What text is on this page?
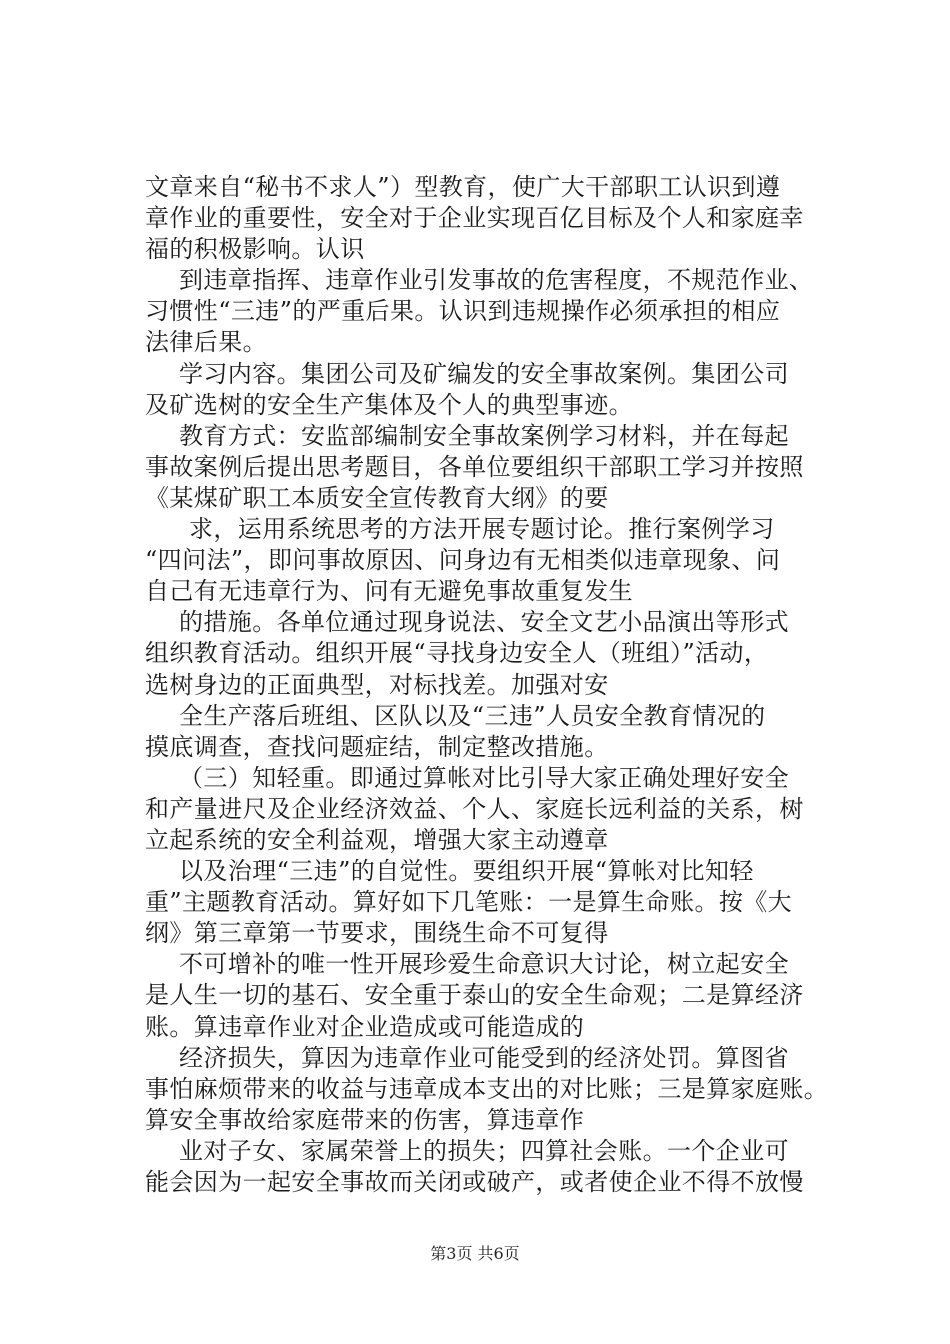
文章来自“秘书不求人”）型教育，使广大干部职工认识到遵
章作业的重要性，安全对于企业实现百亿目标及个人和家庭幸
福的积极影响。认识
到违章指挥、违章作业引发事故的危害程度，不规范作业、
习惯性“三违”的严重后果。认识到违规操作必须承担的相应
法律后果。
学习内容。集团公司及矿编发的安全事故案例。集团公司
及矿选树的安全生产集体及个人的典型事迹。
教育方式：安监部编制安全事故案例学习材料，并在每起
事故案例后提出思考题目，各单位要组织干部职工学习并按照
《某煤矿职工本质安全宣传教育大纲》的要
求，运用系统思考的方法开展专题讨论。推行案例学习
“四问法”，即问事故原因、问身边有无相类似违章现象、问
自己有无违章行为、问有无避免事故重复发生
的措施。各单位通过现身说法、安全文艺小品演出等形式
组织教育活动。组织开展“寻找身边安全人（班组）”活动，
选树身边的正面典型，对标找差。加强对安
全生产落后班组、区队以及“三违”人员安全教育情况的
摸底调查，查找问题症结，制定整改措施。
（三）知轻重。即通过算帐对比引导大家正确处理好安全
和产量进尺及企业经济效益、个人、家庭长远利益的关系，树
立起系统的安全利益观，增强大家主动遵章
以及治理“三违”的自觉性。要组织开展“算帐对比知轻
重”主题教育活动。算好如下几笔账：一是算生命账。按《大
纲》第三章第一节要求，围绕生命不可复得
不可增补的唯一性开展珍爱生命意识大讨论，树立起安全
是人生一切的基石、安全重于泰山的安全生命观；二是算经济
账。算违章作业对企业造成或可能造成的
经济损失，算因为违章作业可能受到的经济处罚。算图省
事怕麻烦带来的收益与违章成本支出的对比账；三是算家庭账。
算安全事故给家庭带来的伤害，算违章作
业对子女、家属荣誉上的损失；四算社会账。一个企业可
能会因为一起安全事故而关闭或破产，或者使企业不得不放慢
第3页 共6页
